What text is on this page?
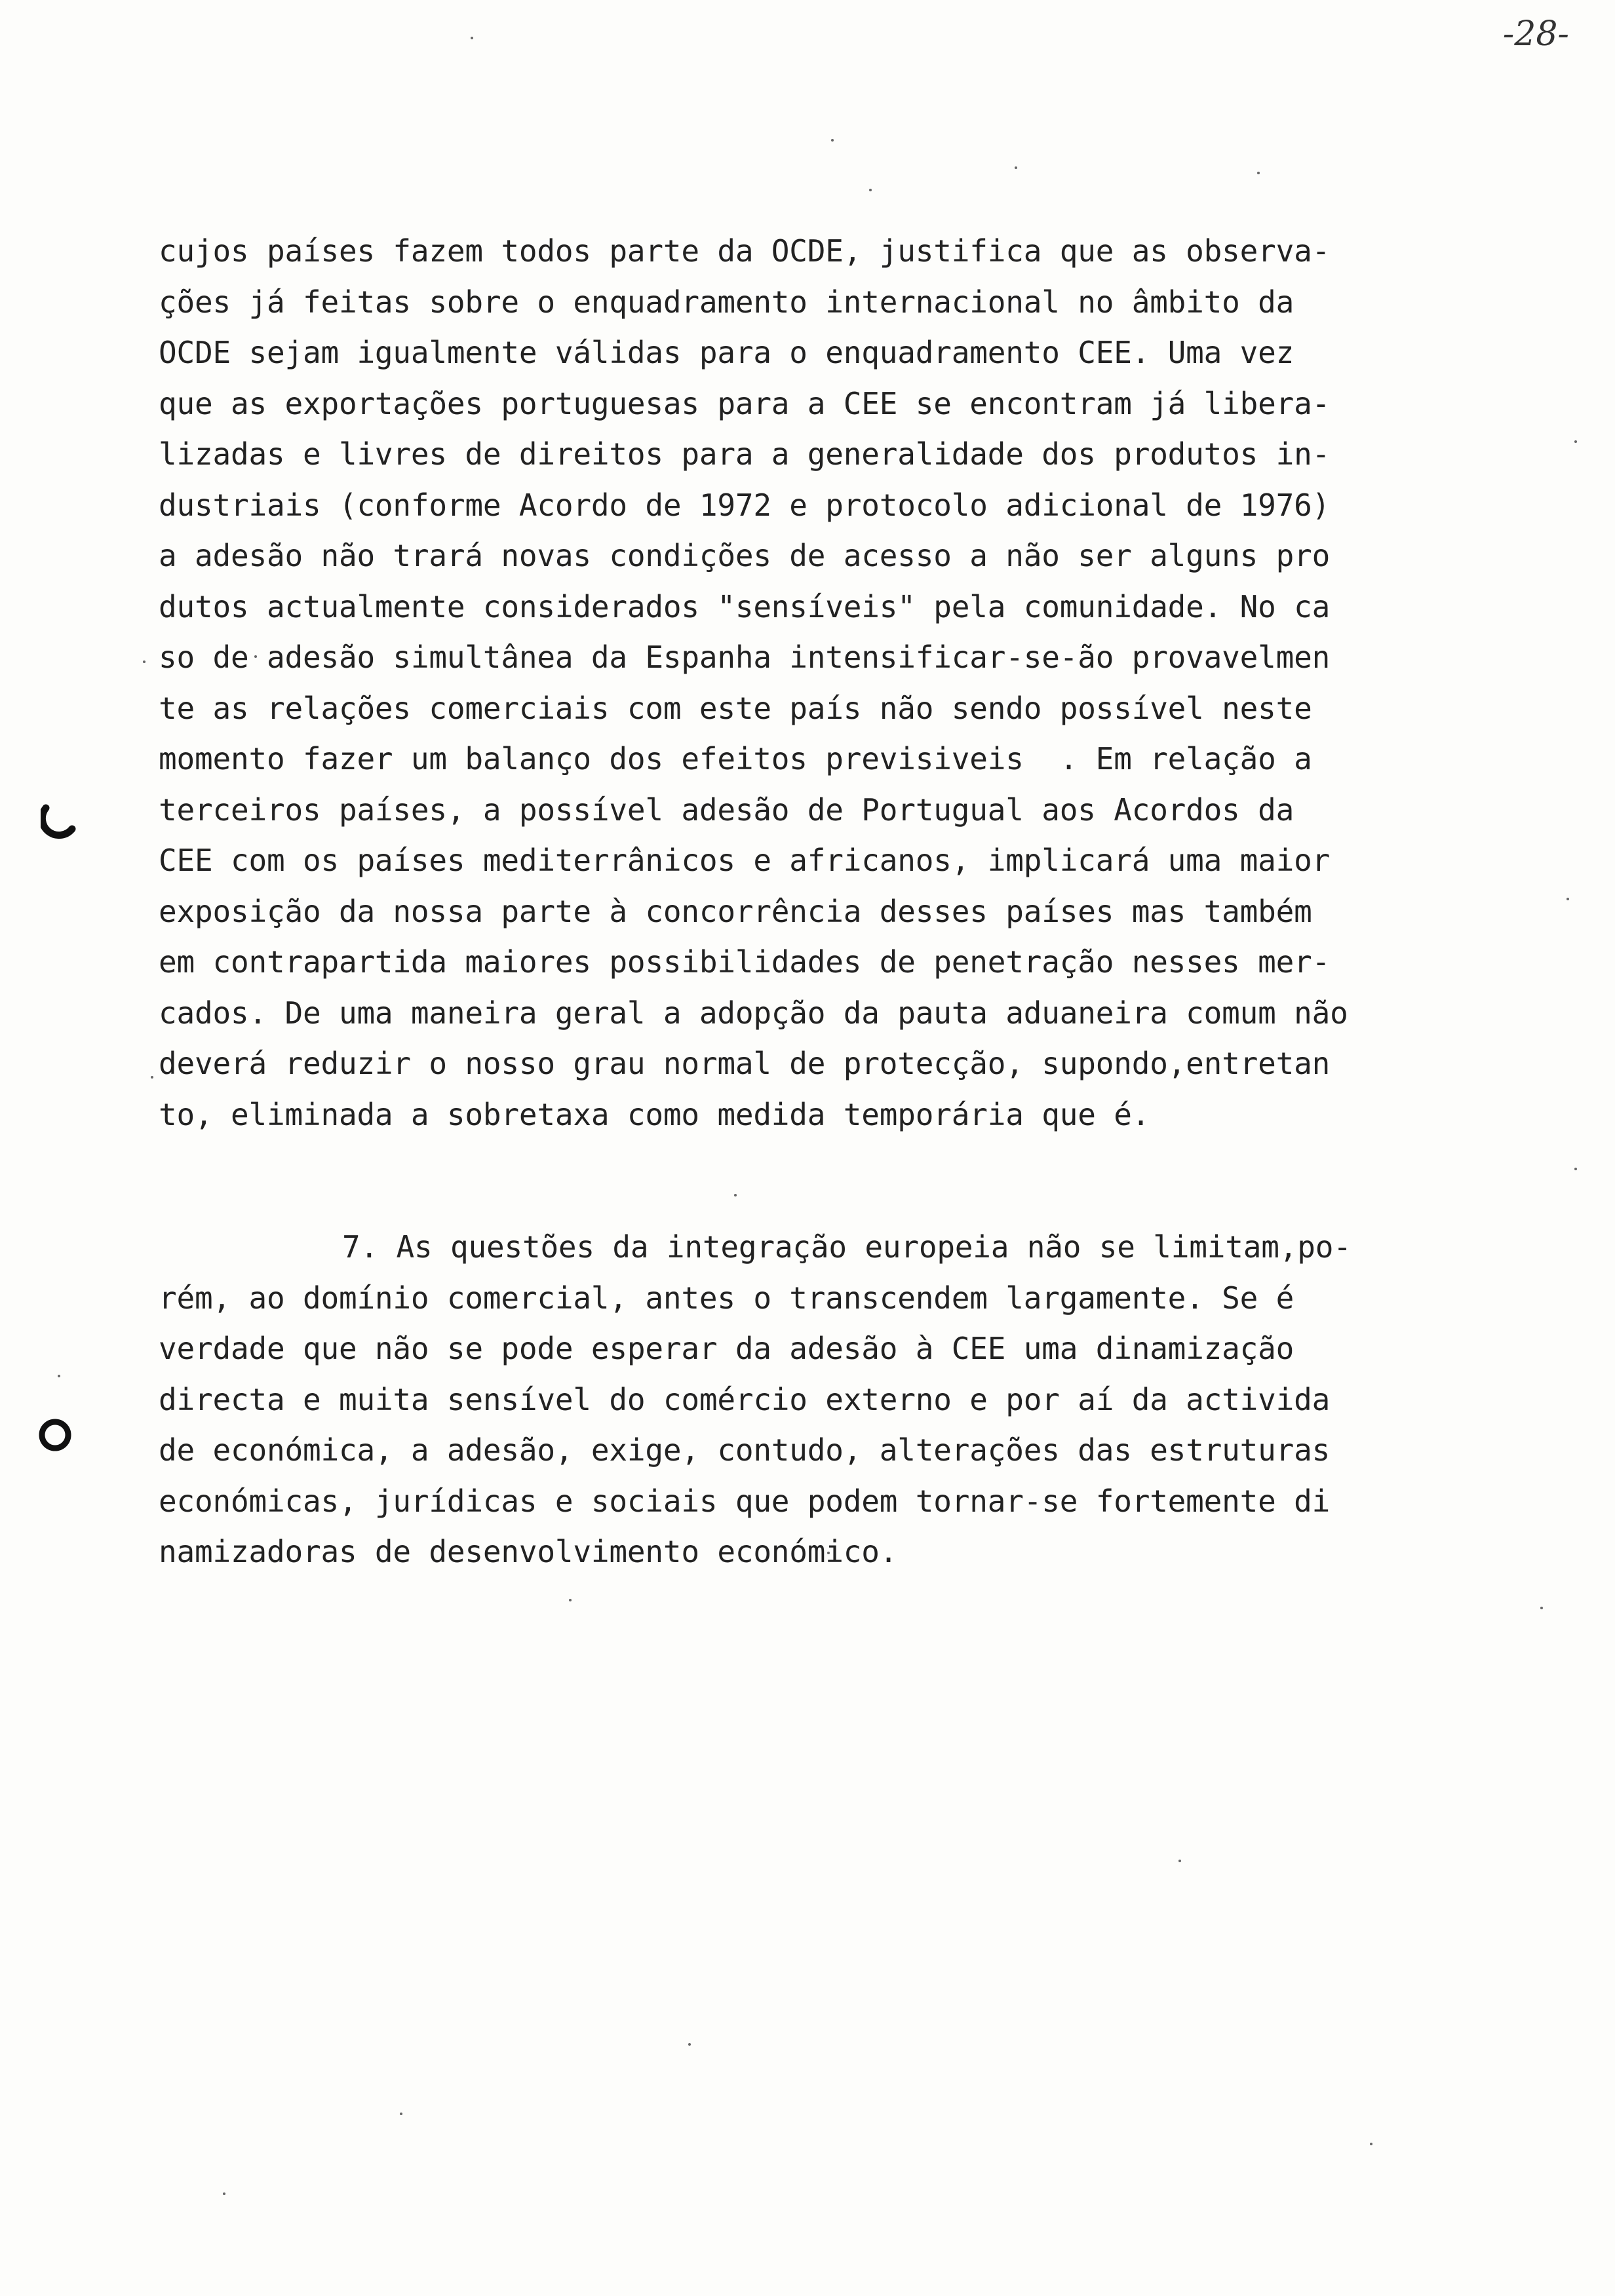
-28-
cujos países fazem todos parte da OCDE, justifica que as observa-
ções já feitas sobre o enquadramento internacional no âmbito da
OCDE sejam igualmente válidas para o enquadramento CEE. Uma vez
que as exportações portuguesas para a CEE se encontram já libera-
lizadas e livres de direitos para a generalidade dos produtos in-
dustriais (conforme Acordo de 1972 e protocolo adicional de 1976)
a adesão não trará novas condições de acesso a não ser alguns pro
dutos actualmente considerados "sensíveis" pela comunidade. No ca
so de adesão simultânea da Espanha intensificar-se-ão provavelmen
te as relações comerciais com este país não sendo possível neste
momento fazer um balanço dos efeitos previsiveis  . Em relação a
terceiros países, a possível adesão de Portugual aos Acordos da
CEE com os países mediterrânicos e africanos, implicará uma maior
exposição da nossa parte à concorrência desses países mas também
em contrapartida maiores possibilidades de penetração nesses mer-
cados. De uma maneira geral a adopção da pauta aduaneira comum não
deverá reduzir o nosso grau normal de protecção, supondo,entretan
to, eliminada a sobretaxa como medida temporária que é.
7. As questões da integração europeia não se limitam,po-
rém, ao domínio comercial, antes o transcendem largamente. Se é
verdade que não se pode esperar da adesão à CEE uma dinamização
directa e muita sensível do comércio externo e por aí da activida
de económica, a adesão, exige, contudo, alterações das estruturas
económicas, jurídicas e sociais que podem tornar-se fortemente di
namizadoras de desenvolvimento económico.
